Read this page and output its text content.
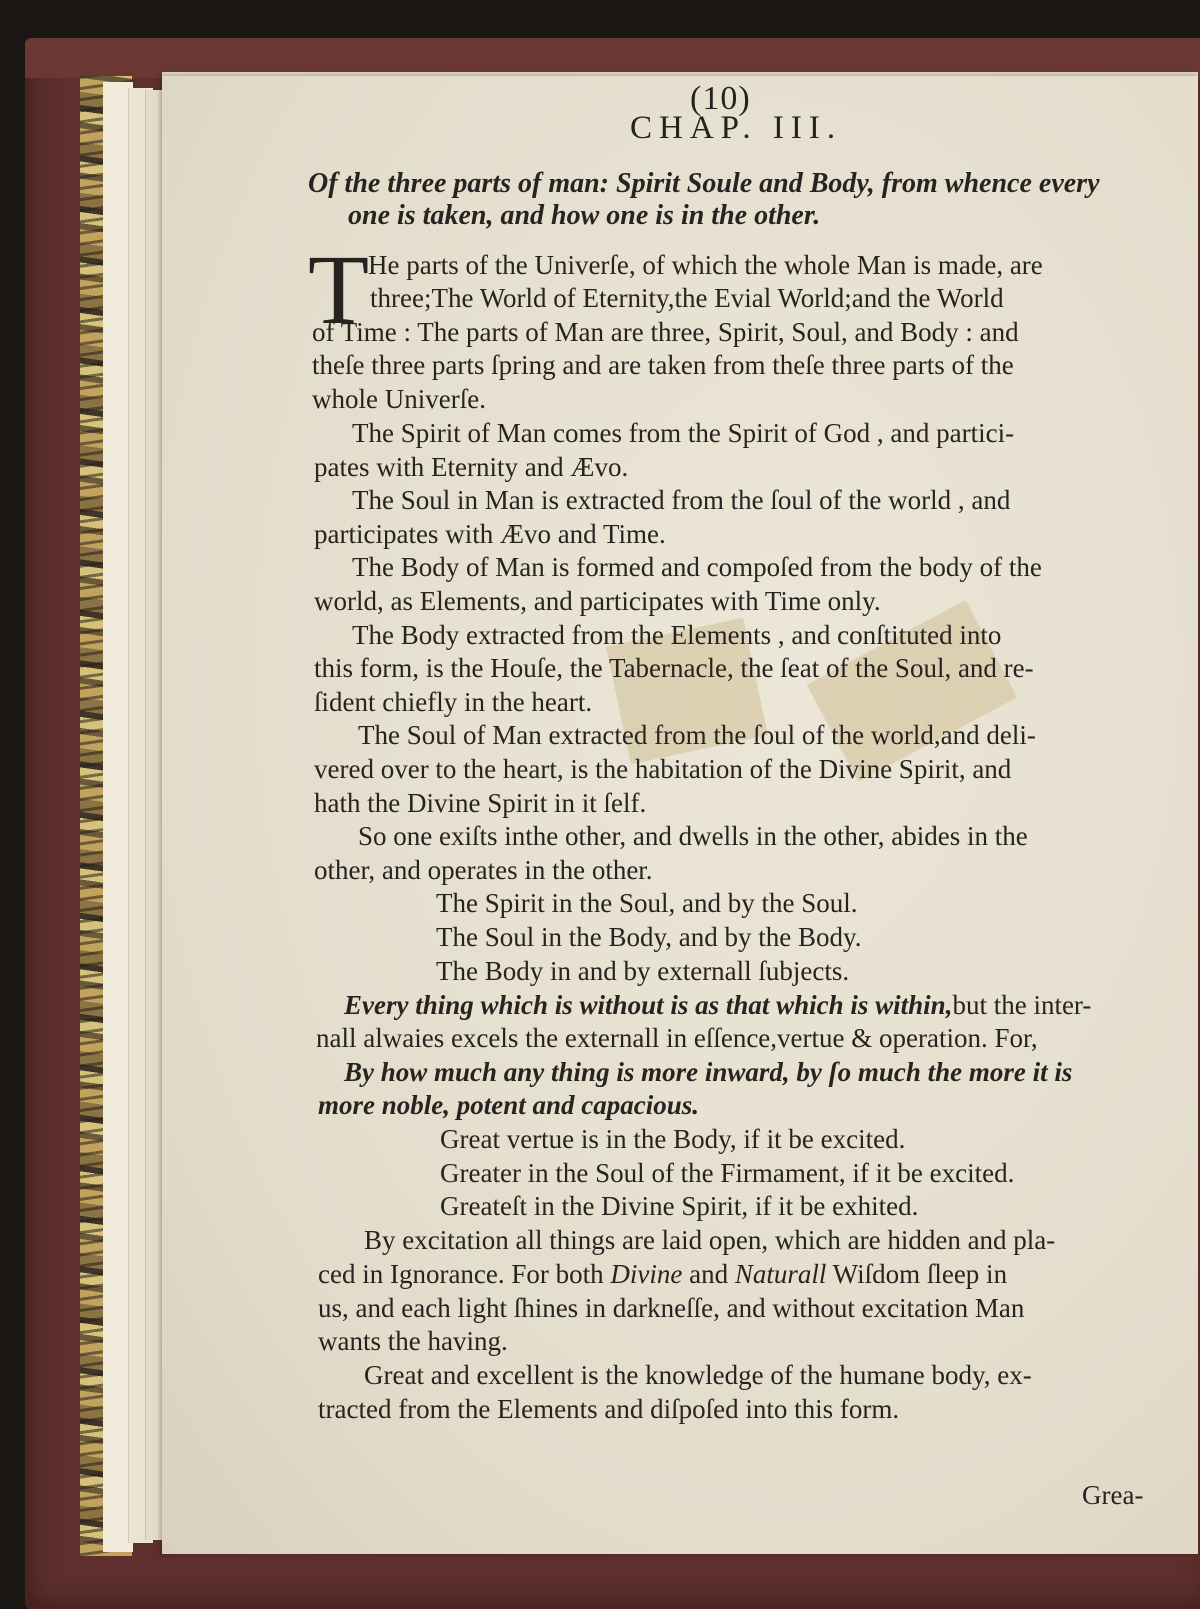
(10)
CHAP. III.
Of the three parts of man: Spirit Soule and Body, from whence every
one is taken, and how one is in the other.
T
He parts of the Univerſe, of which the whole Man is made, are
three;The World of Eternity,the Evial World;and the World
of Time : The parts of Man are three, Spirit, Soul, and Body : and
theſe three parts ſpring and are taken from theſe three parts of the
whole Univerſe.
The Spirit of Man comes from the Spirit of God , and partici-
pates with Eternity and Ævo.
The Soul in Man is extracted from the ſoul of the world , and
participates with Ævo and Time.
The Body of Man is formed and compoſed from the body of the
world, as Elements, and participates with Time only.
The Body extracted from the Elements , and conſtituted into
this form, is the Houſe, the Tabernacle, the ſeat of the Soul, and re-
ſident chiefly in the heart.
The Soul of Man extracted from the ſoul of the world,and deli-
vered over to the heart, is the habitation of the Divine Spirit, and
hath the Divine Spirit in it ſelf.
So one exiſts inthe other, and dwells in the other, abides in the
other, and operates in the other.
The Spirit in the Soul, and by the Soul.
The Soul in the Body, and by the Body.
The Body in and by externall ſubjects.
Every thing which is without is as that which is within,but the inter-
nall alwaies excels the externall in eſſence,vertue & operation. For,
By how much any thing is more inward, by ſo much the more it is
more noble, potent and capacious.
Great vertue is in the Body, if it be excited.
Greater in the Soul of the Firmament, if it be excited.
Greateſt in the Divine Spirit, if it be exhited.
By excitation all things are laid open, which are hidden and pla-
ced in Ignorance. For both Divine and Naturall Wiſdom ſleep in
us, and each light ſhines in darkneſſe, and without excitation Man
wants the having.
Great and excellent is the knowledge of the humane body, ex-
tracted from the Elements and diſpoſed into this form.
Grea-
